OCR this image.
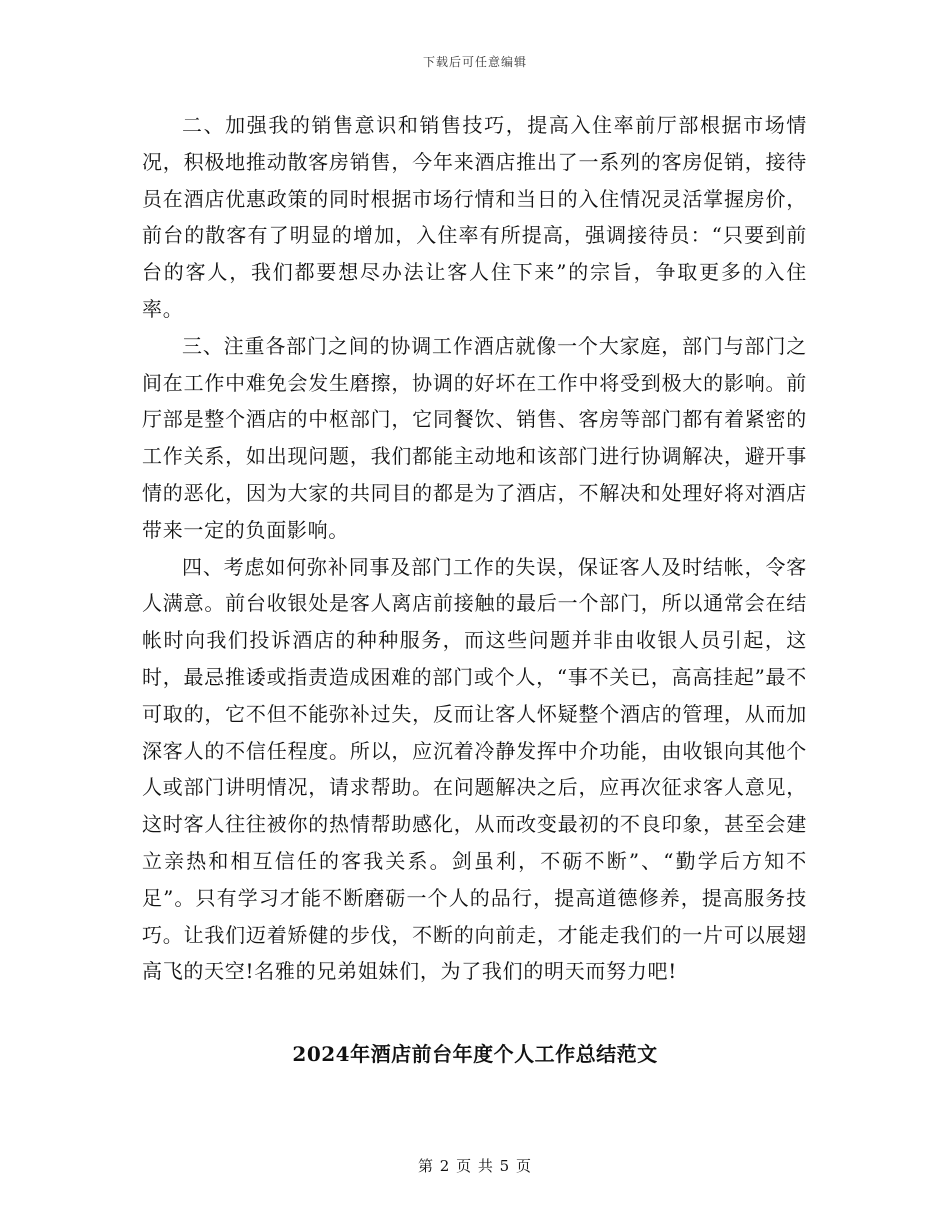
下载后可任意编辑

二、加强我的销售意识和销售技巧，提高入住率前厅部根据市场情况，积极地推动散客房销售，今年来酒店推出了一系列的客房促销，接待员在酒店优惠政策的同时根据市场行情和当日的入住情况灵活掌握房价，前台的散客有了明显的增加，入住率有所提高，强调接待员：“只要到前台的客人，我们都要想尽办法让客人住下来”的宗旨，争取更多的入住率。

三、注重各部门之间的协调工作酒店就像一个大家庭，部门与部门之间在工作中难免会发生磨擦，协调的好坏在工作中将受到极大的影响。前厅部是整个酒店的中枢部门，它同餐饮、销售、客房等部门都有着紧密的工作关系，如出现问题，我们都能主动地和该部门进行协调解决，避开事情的恶化，因为大家的共同目的都是为了酒店，不解决和处理好将对酒店带来一定的负面影响。

四、考虑如何弥补同事及部门工作的失误，保证客人及时结帐，令客人满意。前台收银处是客人离店前接触的最后一个部门，所以通常会在结帐时向我们投诉酒店的种种服务，而这些问题并非由收银人员引起，这时，最忌推诿或指责造成困难的部门或个人，“事不关已，高高挂起”最不可取的，它不但不能弥补过失，反而让客人怀疑整个酒店的管理，从而加深客人的不信任程度。所以，应沉着冷静发挥中介功能，由收银向其他个人或部门讲明情况，请求帮助。在问题解决之后，应再次征求客人意见，这时客人往往被你的热情帮助感化，从而改变最初的不良印象，甚至会建立亲热和相互信任的客我关系。剑虽利，不砺不断”、“勤学后方知不足”。只有学习才能不断磨砺一个人的品行，提高道德修养，提高服务技巧。让我们迈着矫健的步伐，不断的向前走，才能走我们的一片可以展翅高飞的天空!名雅的兄弟姐妹们，为了我们的明天而努力吧!

2024年酒店前台年度个人工作总结范文
第 2 页 共 5 页
